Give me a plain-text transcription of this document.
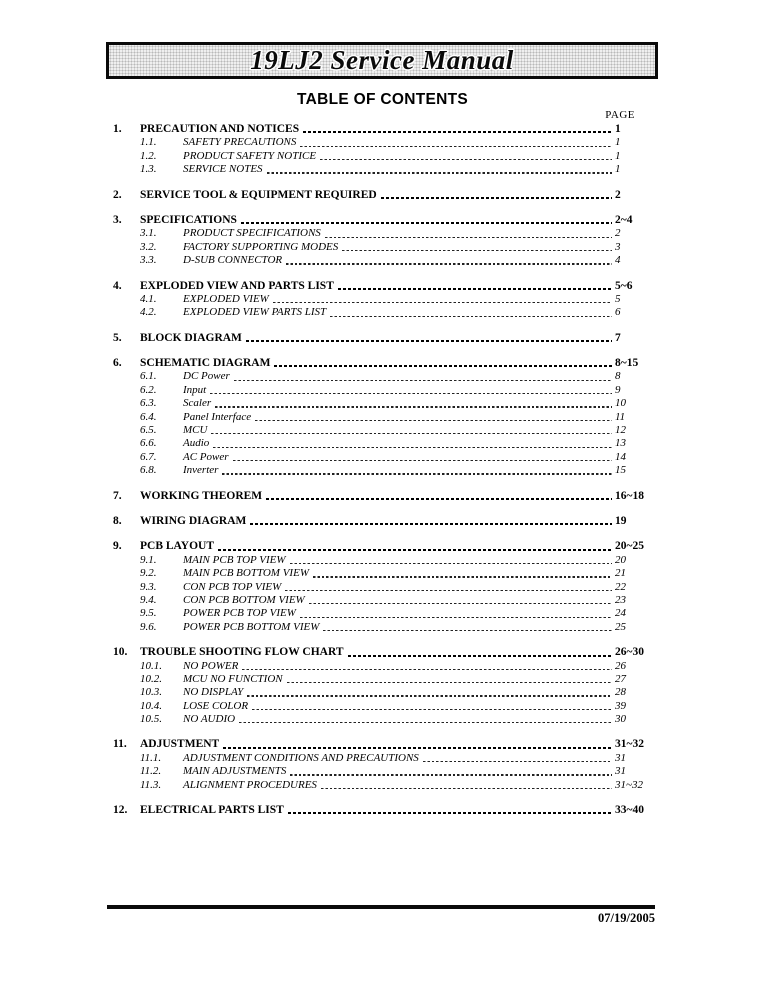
19LJ2 Service Manual
TABLE OF CONTENTS
PAGE
1.	PRECAUTION AND NOTICES	1
1.1.	SAFETY PRECAUTIONS	1
1.2.	PRODUCT SAFETY NOTICE	1
1.3.	SERVICE NOTES	1
2.	SERVICE TOOL & EQUIPMENT REQUIRED	2
3.	SPECIFICATIONS	2~4
3.1.	PRODUCT SPECIFICATIONS	2
3.2.	FACTORY SUPPORTING MODES	3
3.3.	D-SUB CONNECTOR	4
4.	EXPLODED VIEW AND PARTS LIST	5~6
4.1.	EXPLODED VIEW	5
4.2.	EXPLODED VIEW PARTS LIST	6
5.	BLOCK DIAGRAM	7
6.	SCHEMATIC DIAGRAM	8~15
6.1.	DC Power	8
6.2.	Input	9
6.3.	Scaler	10
6.4.	Panel Interface	11
6.5.	MCU	12
6.6.	Audio	13
6.7.	AC Power	14
6.8.	Inverter	15
7.	WORKING THEOREM	16~18
8.	WIRING DIAGRAM	19
9.	PCB LAYOUT	20~25
9.1.	MAIN PCB TOP VIEW	20
9.2.	MAIN PCB BOTTOM VIEW	21
9.3.	CON PCB TOP VIEW	22
9.4.	CON PCB BOTTOM VIEW	23
9.5.	POWER PCB TOP VIEW	24
9.6.	POWER PCB BOTTOM VIEW	25
10.	TROUBLE SHOOTING FLOW CHART	26~30
10.1.	NO POWER	26
10.2.	MCU NO FUNCTION	27
10.3.	NO DISPLAY	28
10.4.	LOSE COLOR	39
10.5.	NO AUDIO	30
11.	ADJUSTMENT	31~32
11.1.	ADJUSTMENT CONDITIONS AND PRECAUTIONS	31
11.2.	MAIN ADJUSTMENTS	31
11.3.	ALIGNMENT PROCEDURES	31~32
12.	ELECTRICAL PARTS LIST	33~40
07/19/2005
